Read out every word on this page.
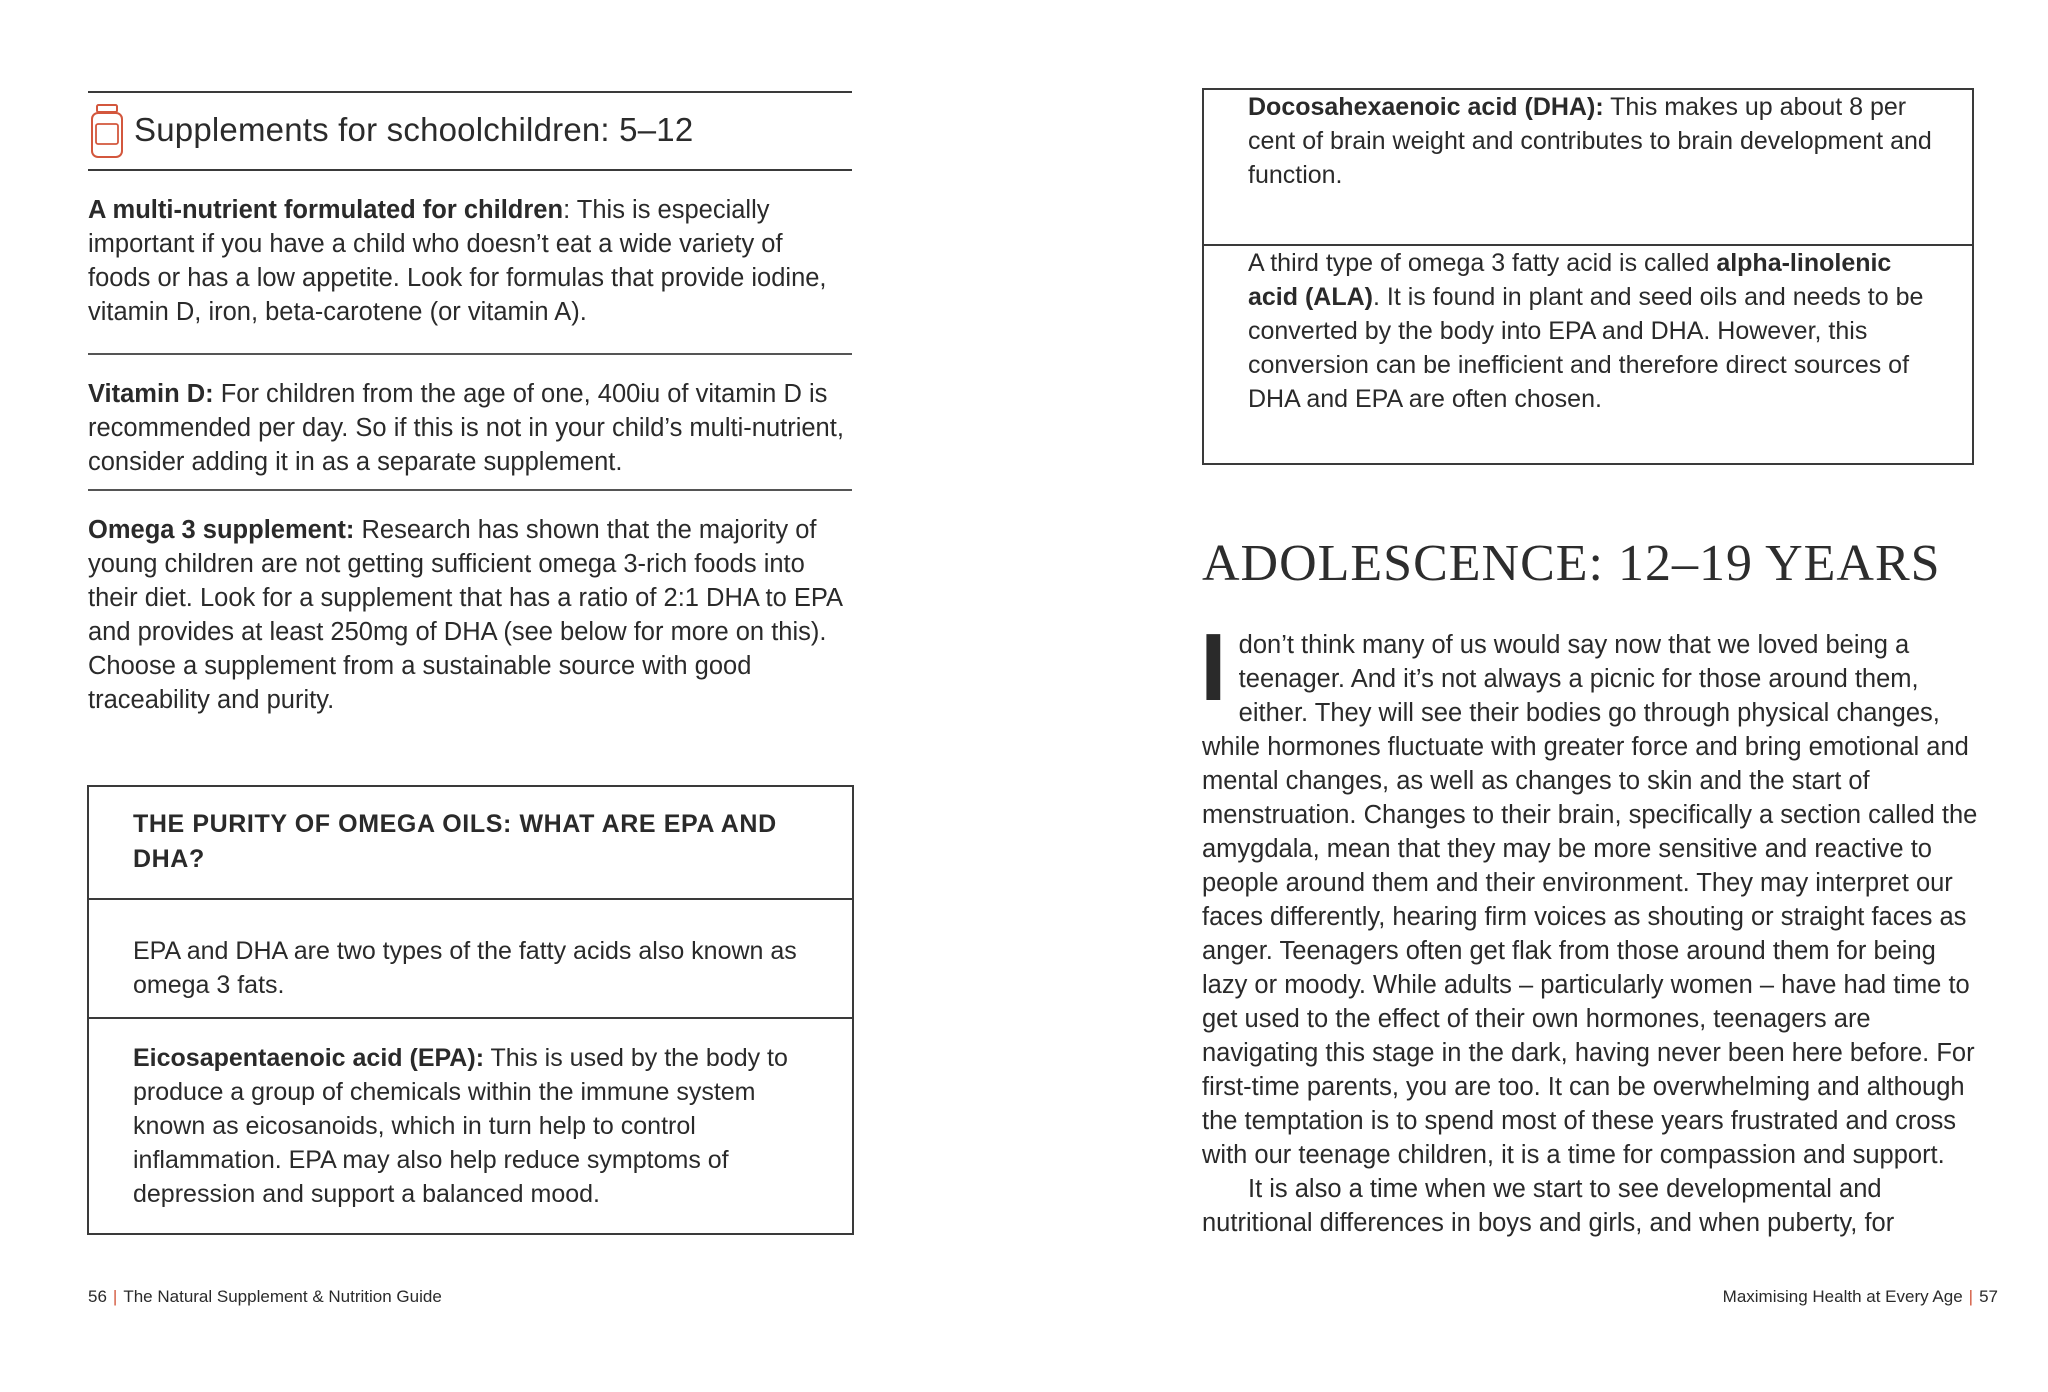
Supplements for schoolchildren: 5–12

A multi-nutrient formulated for children: This is especially important if you have a child who doesn’t eat a wide variety of foods or has a low appetite. Look for formulas that provide iodine, vitamin D, iron, beta-carotene (or vitamin A).

Vitamin D: For children from the age of one, 400iu of vitamin D is recommended per day. So if this is not in your child’s multi-nutrient, consider adding it in as a separate supplement.

Omega 3 supplement: Research has shown that the majority of young children are not getting sufficient omega 3-rich foods into their diet. Look for a supplement that has a ratio of 2:1 DHA to EPA and provides at least 250mg of DHA (see below for more on this). Choose a supplement from a sustainable source with good traceability and purity.

THE PURITY OF OMEGA OILS: WHAT ARE EPA AND DHA?
EPA and DHA are two types of the fatty acids also known as omega 3 fats.
Eicosapentaenoic acid (EPA): This is used by the body to produce a group of chemicals within the immune system known as eicosanoids, which in turn help to control inflammation. EPA may also help reduce symptoms of depression and support a balanced mood.
56 | The Natural Supplement & Nutrition Guide
Docosahexaenoic acid (DHA): This makes up about 8 per cent of brain weight and contributes to brain development and function.
A third type of omega 3 fatty acid is called alpha-linolenic acid (ALA). It is found in plant and seed oils and needs to be converted by the body into EPA and DHA. However, this conversion can be inefficient and therefore direct sources of DHA and EPA are often chosen.
ADOLESCENCE: 12–19 YEARS

I don’t think many of us would say now that we loved being a teenager. And it’s not always a picnic for those around them, either. They will see their bodies go through physical changes, while hormones fluctuate with greater force and bring emotional and mental changes, as well as changes to skin and the start of menstruation. Changes to their brain, specifically a section called the amygdala, mean that they may be more sensitive and reactive to people around them and their environment. They may interpret our faces differently, hearing firm voices as shouting or straight faces as anger. Teenagers often get flak from those around them for being lazy or moody. While adults – particularly women – have had time to get used to the effect of their own hormones, teenagers are navigating this stage in the dark, having never been here before. For first-time parents, you are too. It can be overwhelming and although the temptation is to spend most of these years frustrated and cross with our teenage children, it is a time for compassion and support.

It is also a time when we start to see developmental and nutritional differences in boys and girls, and when puberty, for

Maximising Health at Every Age | 57
